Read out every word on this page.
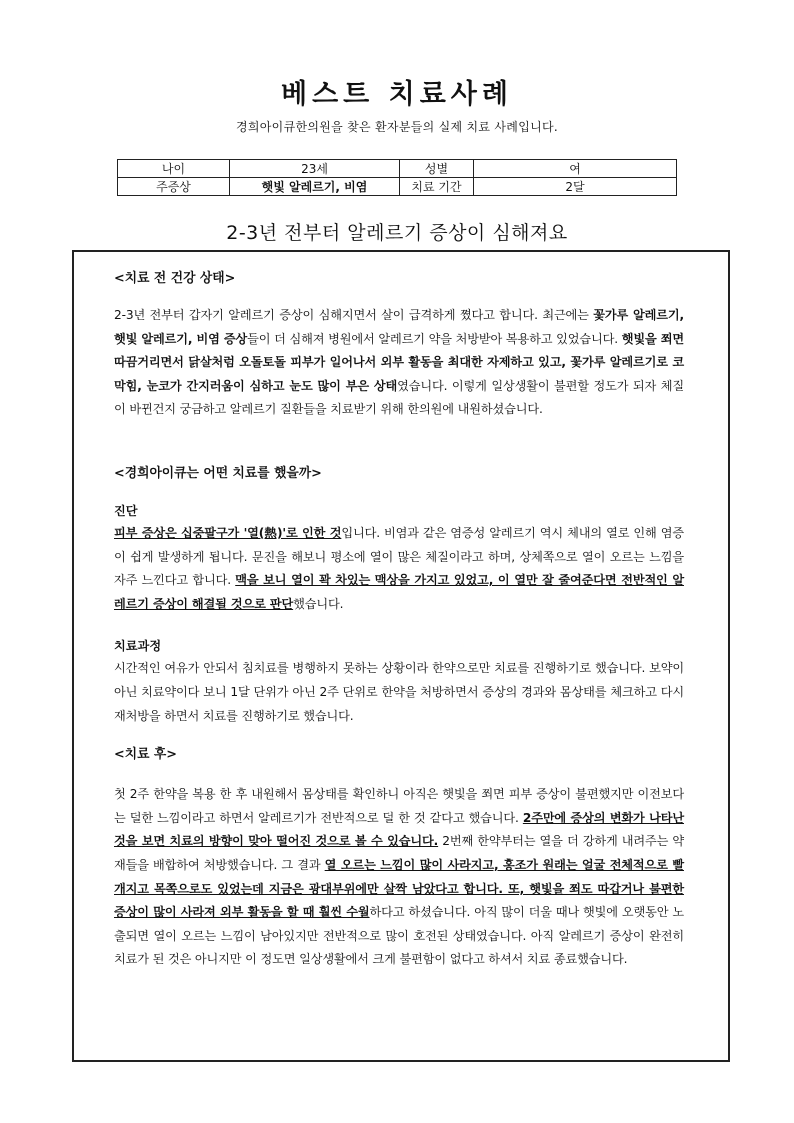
베스트 치료사례
경희아이큐한의원을 찾은 환자분들의 실제 치료 사례입니다.
나이	23세	성별	여
주증상	햇빛 알레르기, 비염	치료 기간	2달
2-3년 전부터 알레르기 증상이 심해져요

<치료 전 건강 상태>

2-3년 전부터 갑자기 알레르기 증상이 심해지면서 살이 급격하게 쪘다고 합니다. 최근에는 꽃가루 알레르기, 햇빛 알레르기, 비염 증상들이 더 심해져 병원에서 알레르기 약을 처방받아 복용하고 있었습니다. 햇빛을 쬐면 따끔거리면서 닭살처럼 오돌토돌 피부가 일어나서 외부 활동을 최대한 자제하고 있고, 꽃가루 알레르기로 코막힘, 눈코가 간지러움이 심하고 눈도 많이 부은 상태였습니다. 이렇게 일상생활이 불편할 정도가 되자 체질이 바뀐건지 궁금하고 알레르기 질환들을 치료받기 위해 한의원에 내원하셨습니다.

<경희아이큐는 어떤 치료를 했을까>

진단

피부 증상은 십중팔구가 '열(熱)'로 인한 것입니다. 비염과 같은 염증성 알레르기 역시 체내의 열로 인해 염증이 쉽게 발생하게 됩니다. 문진을 해보니 평소에 열이 많은 체질이라고 하며, 상체쪽으로 열이 오르는 느낌을 자주 느낀다고 합니다. 맥을 보니 열이 꽉 차있는 맥상을 가지고 있었고, 이 열만 잘 줄여준다면 전반적인 알레르기 증상이 해결될 것으로 판단했습니다.

치료과정

시간적인 여유가 안되서 침치료를 병행하지 못하는 상황이라 한약으로만 치료를 진행하기로 했습니다. 보약이 아닌 치료약이다 보니 1달 단위가 아닌 2주 단위로 한약을 처방하면서 증상의 경과와 몸상태를 체크하고 다시 재처방을 하면서 치료를 진행하기로 했습니다.

<치료 후>

첫 2주 한약을 복용 한 후 내원해서 몸상태를 확인하니 아직은 햇빛을 쬐면 피부 증상이 불편했지만 이전보다는 덜한 느낌이라고 하면서 알레르기가 전반적으로 덜 한 것 같다고 했습니다. 2주만에 증상의 변화가 나타난 것을 보면 치료의 방향이 맞아 떨어진 것으로 볼 수 있습니다. 2번째 한약부터는 열을 더 강하게 내려주는 약재들을 배합하여 처방했습니다. 그 결과 열 오르는 느낌이 많이 사라지고, 홍조가 원래는 얼굴 전체적으로 빨개지고 목쪽으로도 있었는데 지금은 광대부위에만 살짝 남았다고 합니다. 또, 햇빛을 쬐도 따갑거나 불편한 증상이 많이 사라져 외부 활동을 할 때 훨씬 수월하다고 하셨습니다. 아직 많이 더울 때나 햇빛에 오랫동안 노출되면 열이 오르는 느낌이 남아있지만 전반적으로 많이 호전된 상태였습니다. 아직 알레르기 증상이 완전히 치료가 된 것은 아니지만 이 정도면 일상생활에서 크게 불편함이 없다고 하셔서 치료 종료했습니다.
